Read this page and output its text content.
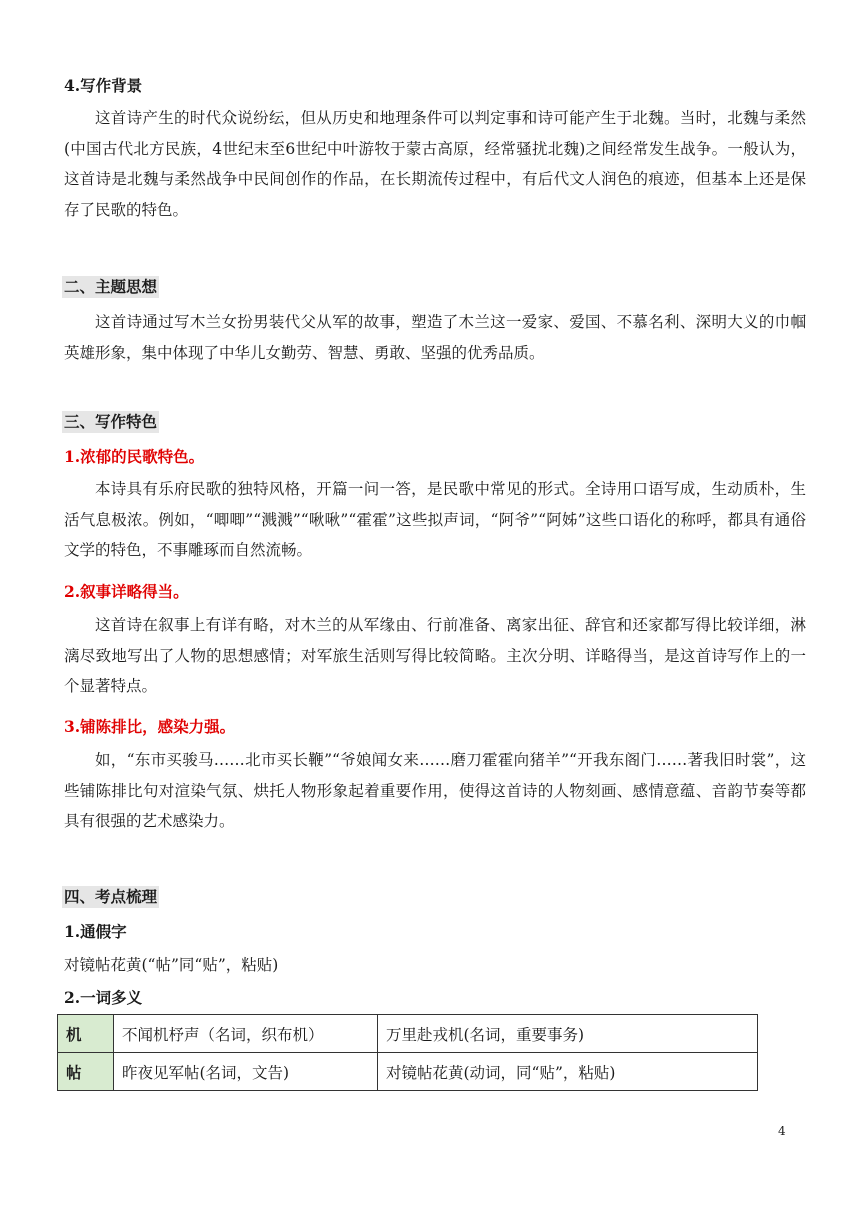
4.写作背景

这首诗产生的时代众说纷纭，但从历史和地理条件可以判定事和诗可能产生于北魏。当时，北魏与柔然(中国古代北方民族，4世纪末至6世纪中叶游牧于蒙古高原，经常骚扰北魏)之间经常发生战争。一般认为，这首诗是北魏与柔然战争中民间创作的作品，在长期流传过程中，有后代文人润色的痕迹，但基本上还是保存了民歌的特色。

二、主题思想

这首诗通过写木兰女扮男装代父从军的故事，塑造了木兰这一爱家、爱国、不慕名利、深明大义的巾帼英雄形象，集中体现了中华儿女勤劳、智慧、勇敢、坚强的优秀品质。

三、写作特色
1.浓郁的民歌特色。

本诗具有乐府民歌的独特风格，开篇一问一答，是民歌中常见的形式。全诗用口语写成，生动质朴，生活气息极浓。例如，“唧唧”“溅溅”“啾啾”“霍霍”这些拟声词，“阿爷”“阿姊”这些口语化的称呼，都具有通俗文学的特色，不事雕琢而自然流畅。

2.叙事详略得当。

这首诗在叙事上有详有略，对木兰的从军缘由、行前准备、离家出征、辞官和还家都写得比较详细，淋漓尽致地写出了人物的思想感情；对军旅生活则写得比较简略。主次分明、详略得当，是这首诗写作上的一个显著特点。

3.铺陈排比，感染力强。

如，“东市买骏马……北市买长鞭”“爷娘闻女来……磨刀霍霍向猪羊”“开我东阁门……著我旧时裳”，这些铺陈排比句对渲染气氛、烘托人物形象起着重要作用，使得这首诗的人物刻画、感情意蕴、音韵节奏等都具有很强的艺术感染力。

四、考点梳理
1.通假字
对镜帖花黄(“帖”同“贴”，粘贴)
2.一词多义
机	不闻机杼声（名词，织布机）	万里赴戎机(名词，重要事务)
帖	昨夜见军帖(名词，文告)	对镜帖花黄(动词，同“贴”，粘贴)
4
